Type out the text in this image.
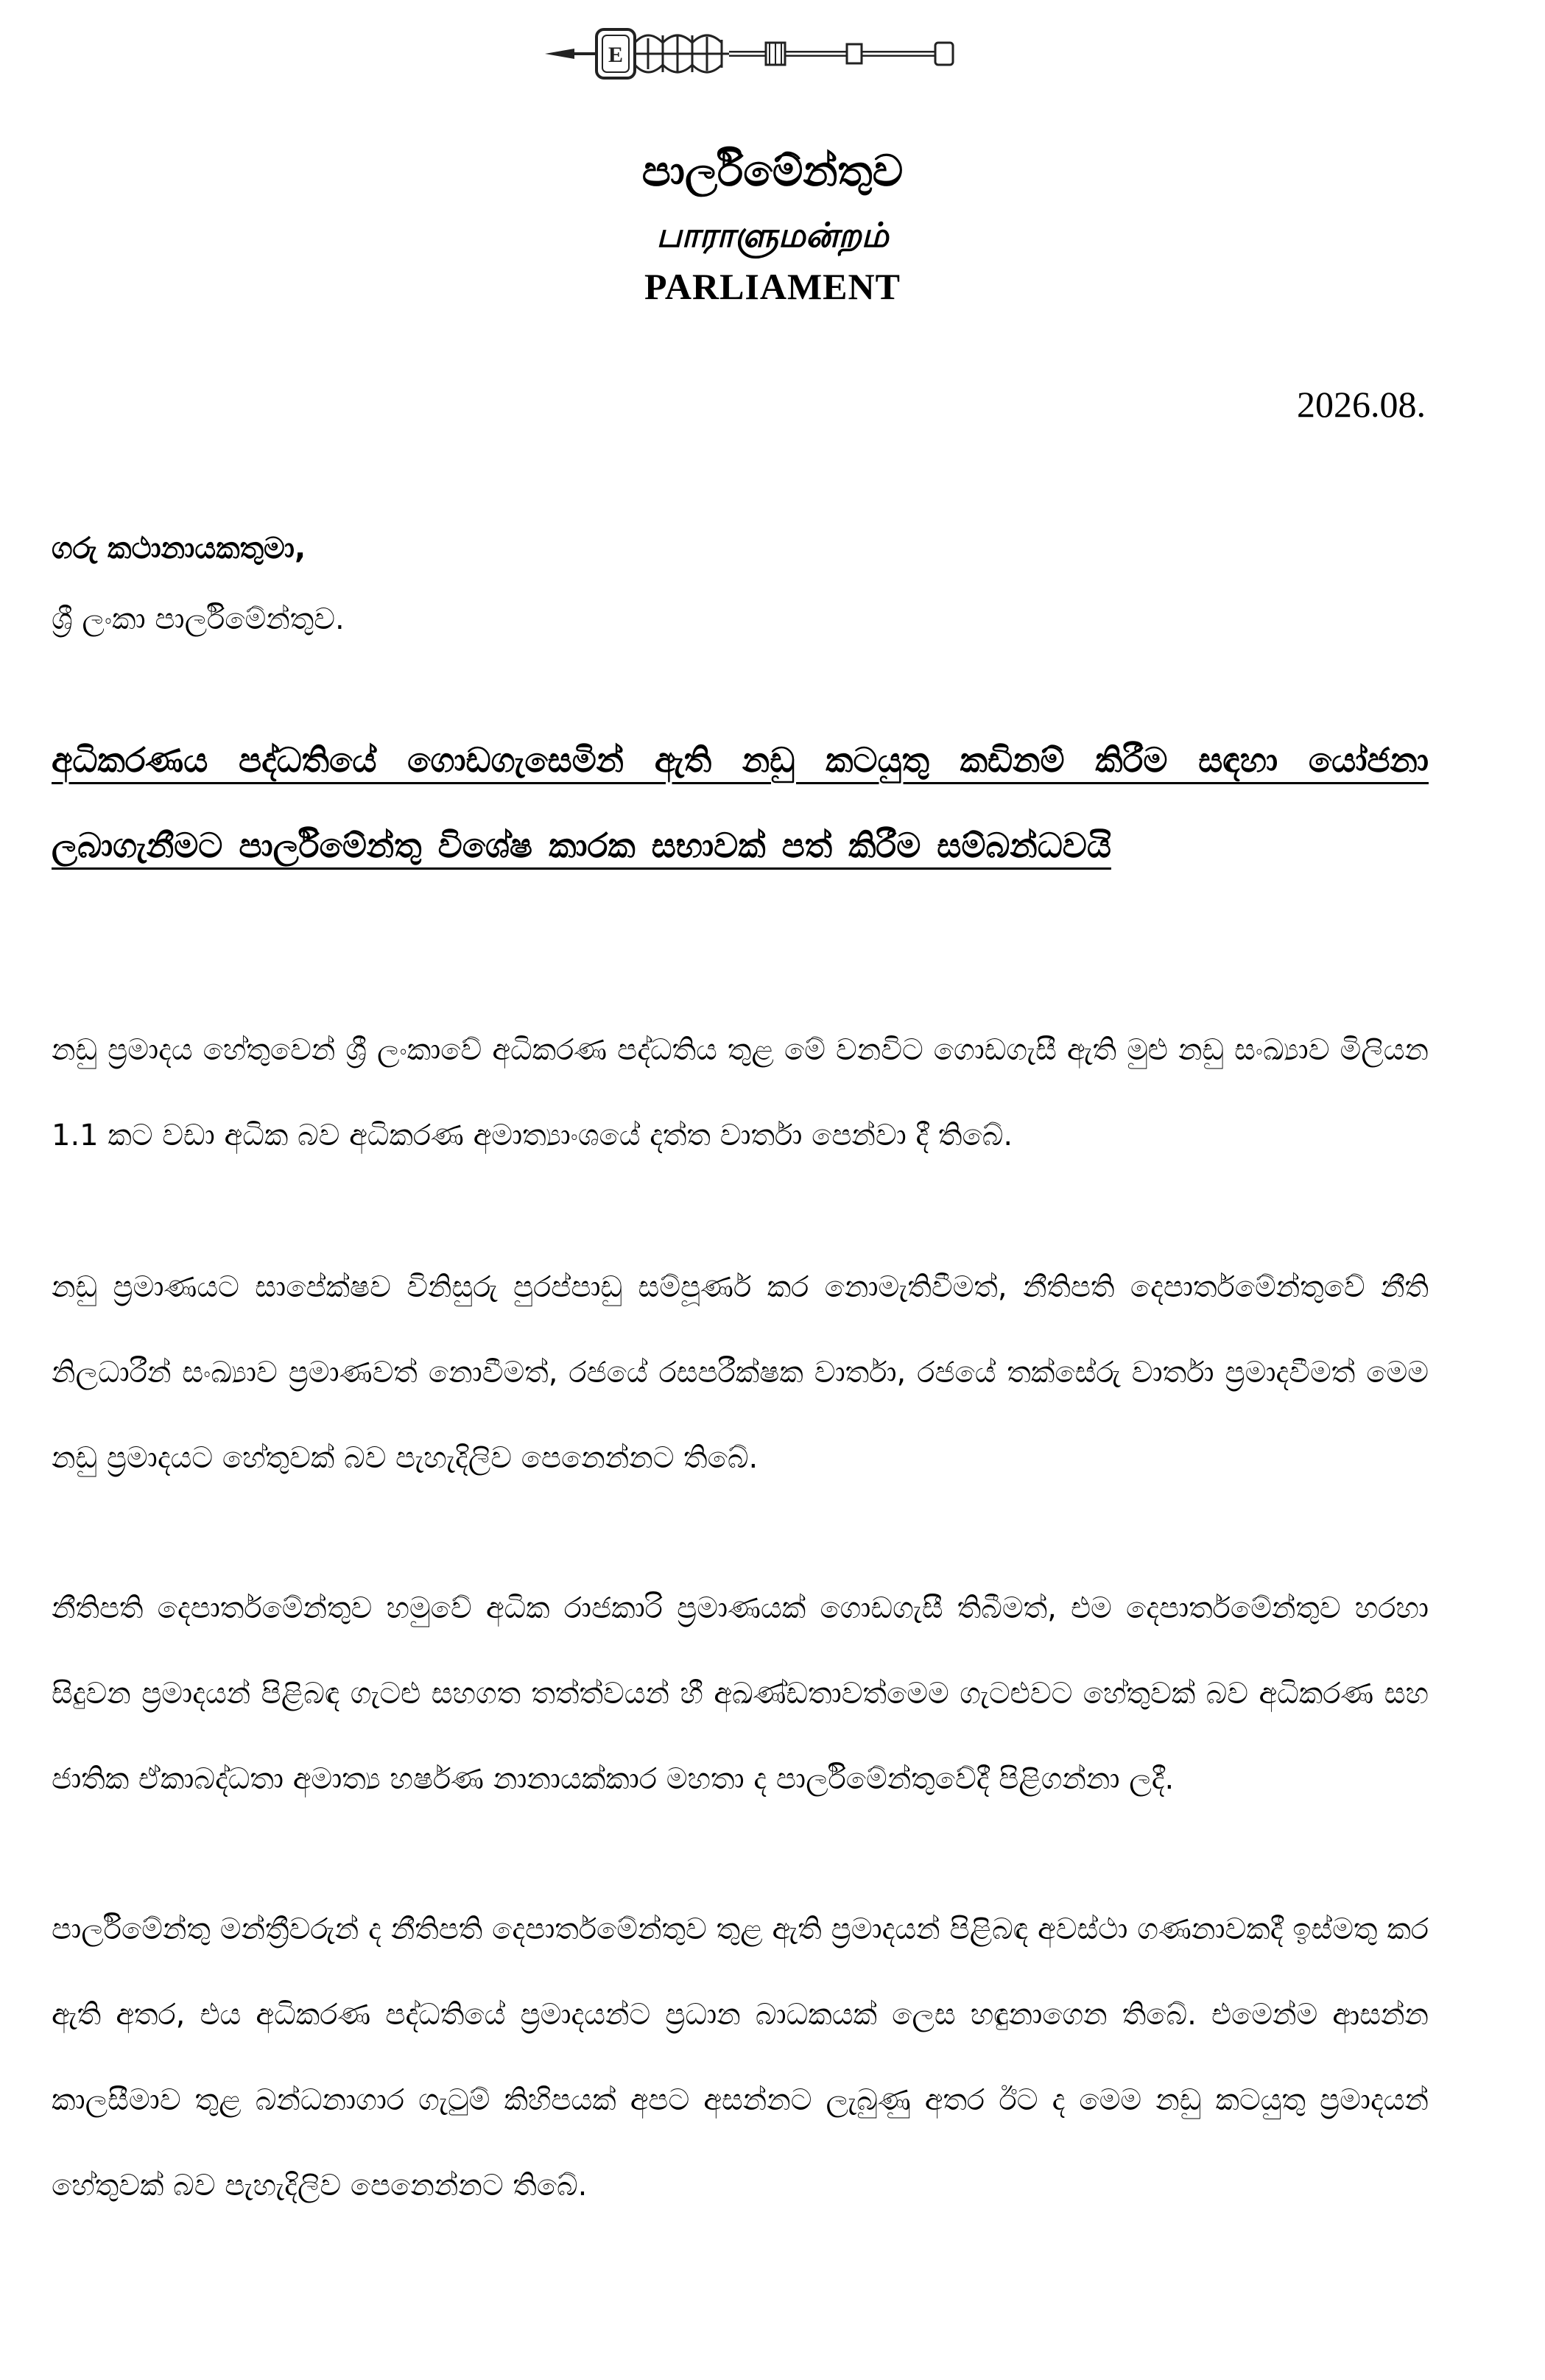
E
පාර්ලිමේන්තුව
பாராளுமன்றம்
PARLIAMENT
2026.08.
ගරු කථානායකතුමා,
ශ්‍රී ලංකා පාර්ලිමේන්තුව.
අධිකරණය පද්ධතියේ ගොඩගැසෙමින් ඇති නඩු කටයුතු කඩිනම් කිරීම සඳහා යෝජනා ලබාගැනීමට පාර්ලිමේන්තු විශේෂ කාරක සභාවක් පත් කිරීම සම්බන්ධවයි
නඩු ප්‍රමාදය හේතුවෙන් ශ්‍රී ලංකාවේ අධිකරණ පද්ධතිය තුළ මේ වනවිට ගොඩගැසී ඇති මුළු නඩු සංඛ්‍යාව මිලියන 1.1 කට වඩා අධික බව අධිකරණ අමාත්‍යාංශයේ දත්ත වාර්තා පෙන්වා දී තිබේ.
නඩු ප්‍රමාණයට සාපේක්ෂව විනිසුරු පුරප්පාඩු සම්පූර්ණ කර නොමැතිවීමත්, නීතිපති දෙපාර්තමේන්තුවේ නීති නිලධාරීන් සංඛ්‍යාව ප්‍රමාණවත් නොවීමත්, රජයේ රසපරීක්ෂක වාර්තා, රජයේ තක්සේරු වාර්තා ප්‍රමාදවීමත් මෙම නඩු ප්‍රමාදයට හේතුවක් බව පැහැදිලිව පෙනෙන්නට තිබේ.
නීතිපති දෙපාර්තමේන්තුව හමුවේ අධික රාජකාරි ප්‍රමාණයක් ගොඩගැසී තිබීමත්, එම දෙපාර්තමේන්තුව හරහා සිදුවන ප්‍රමාදයන් පිළිබඳ ගැටළු සහගත තත්ත්වයන් හී අඛණ්ඩතාවත්මෙම ගැටළුවට හේතුවක් බව අධිකරණ සහ ජාතික ඒකාබද්ධතා අමාත්‍ය හර්ෂණ නානායක්කාර මහතා ද පාර්ලිමේන්තුවේදී පිළිගන්නා ලදී.
පාර්ලිමේන්තු මන්ත්‍රීවරුන් ද නීතිපති දෙපාර්තමේන්තුව තුළ ඇති ප්‍රමාදයන් පිළිබඳ අවස්ථා ගණනාවකදී ඉස්මතු කර ඇති අතර, එය අධිකරණ පද්ධතියේ ප්‍රමාදයන්ට ප්‍රධාන බාධකයක් ලෙස හඳුනාගෙන තිබේ. එමෙන්ම ආසන්න කාලසීමාව තුළ බන්ධනාගාර ගැටුම් කිහිපයක් අපට අසන්නට ලැබුණු අතර ඊට ද මෙම නඩු කටයුතු ප්‍රමාදයන් හේතුවක් බව පැහැදිලිව පෙනෙන්නට තිබේ.
